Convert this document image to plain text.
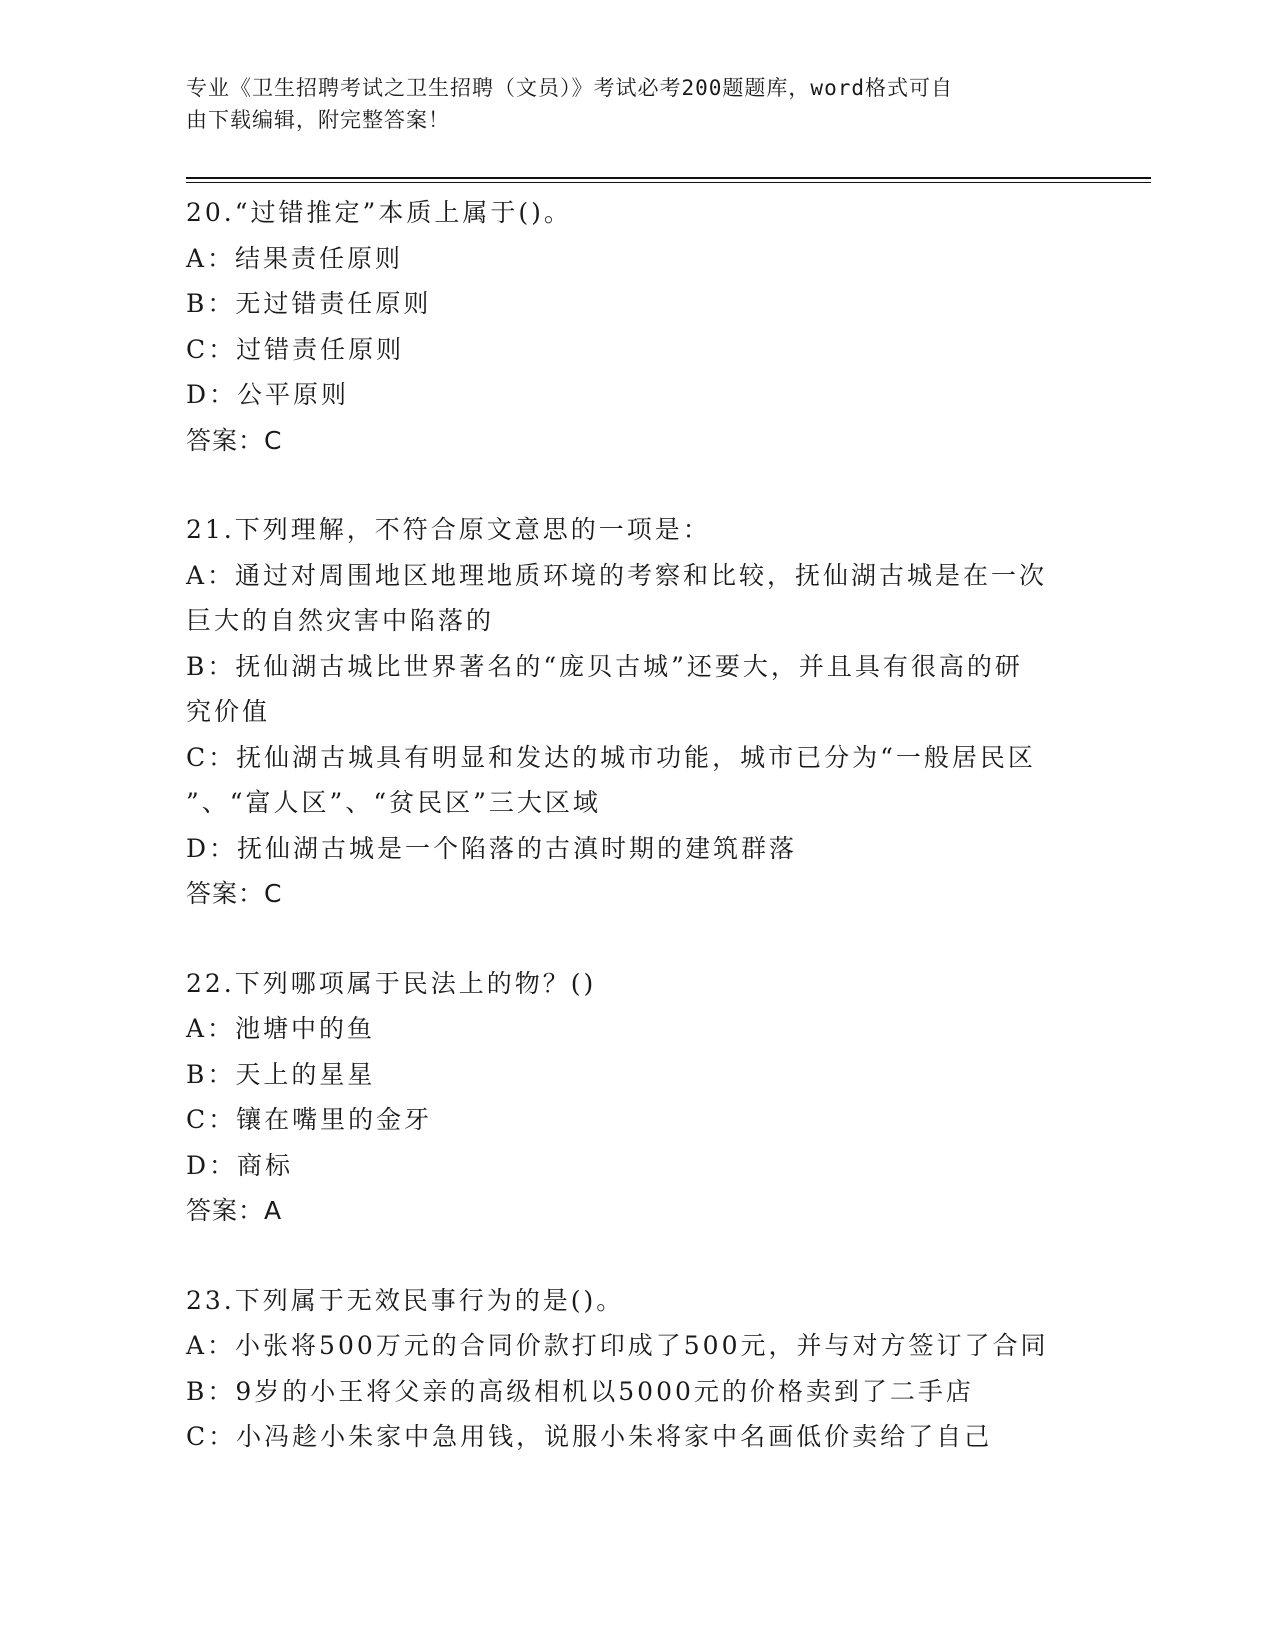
专业《卫生招聘考试之卫生招聘（文员）》考试必考200题题库，word格式可自
由下载编辑，附完整答案！
20.“过错推定”本质上属于()。
A：结果责任原则
B：无过错责任原则
C：过错责任原则
D：公平原则
答案：C
21.下列理解，不符合原文意思的一项是：
A：通过对周围地区地理地质环境的考察和比较，抚仙湖古城是在一次
巨大的自然灾害中陷落的
B：抚仙湖古城比世界著名的“庞贝古城”还要大，并且具有很高的研
究价值
C：抚仙湖古城具有明显和发达的城市功能，城市已分为“一般居民区
”、“富人区”、“贫民区”三大区域
D：抚仙湖古城是一个陷落的古滇时期的建筑群落
答案：C
22.下列哪项属于民法上的物？()
A：池塘中的鱼
B：天上的星星
C：镶在嘴里的金牙
D：商标
答案：A
23.下列属于无效民事行为的是()。
A：小张将500万元的合同价款打印成了500元，并与对方签订了合同
B：9岁的小王将父亲的高级相机以5000元的价格卖到了二手店
C：小冯趁小朱家中急用钱，说服小朱将家中名画低价卖给了自己
